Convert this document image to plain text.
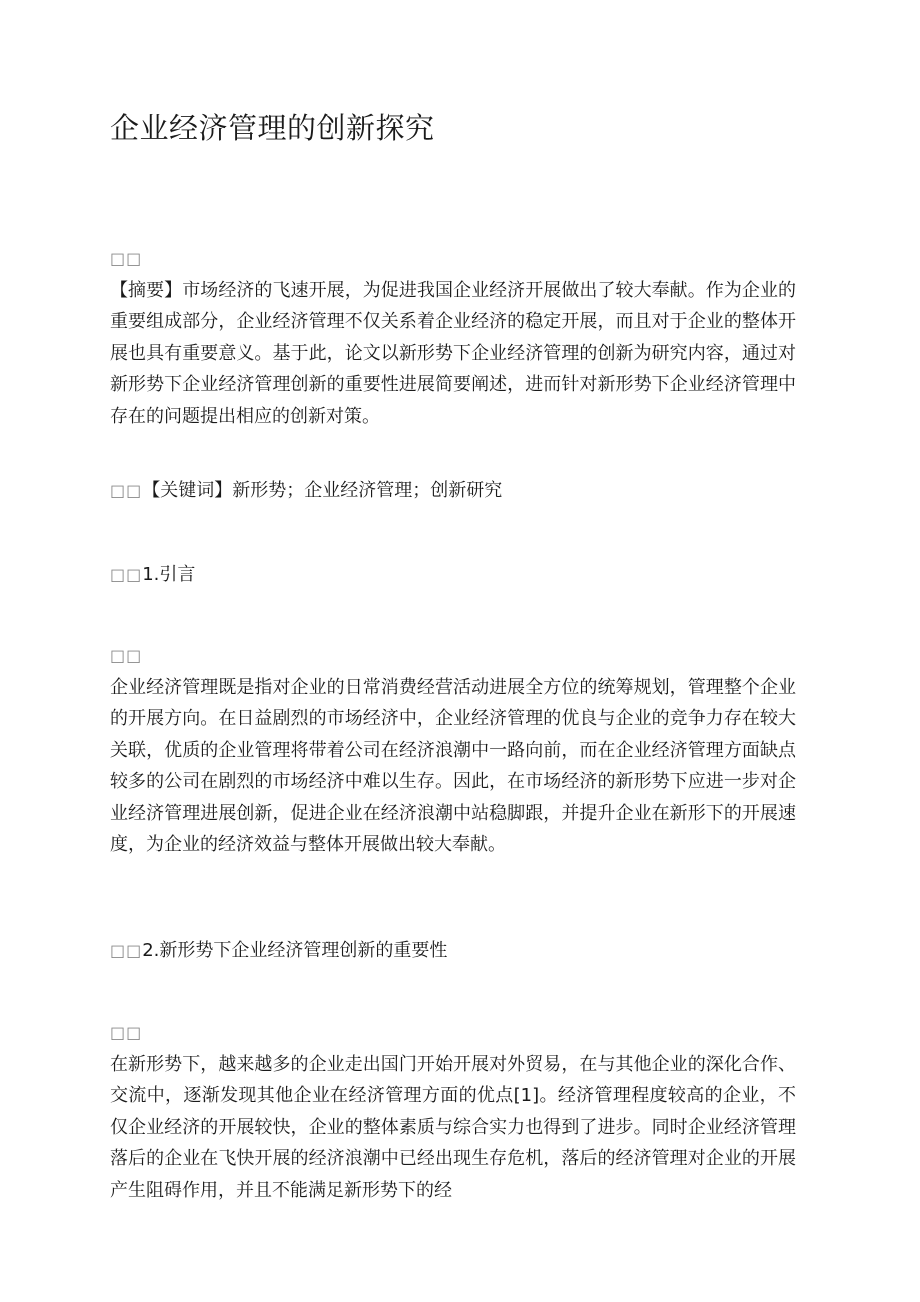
企业经济管理的创新探究
□□

【摘要】市场经济的飞速开展，为促进我国企业经济开展做出了较大奉献。作为企业的重要组成部分，企业经济管理不仅关系着企业经济的稳定开展，而且对于企业的整体开展也具有重要意义。基于此，论文以新形势下企业经济管理的创新为研究内容，通过对新形势下企业经济管理创新的重要性进展简要阐述，进而针对新形势下企业经济管理中存在的问题提出相应的创新对策。

□□【关键词】新形势；企业经济管理；创新研究
□□1.引言
□□

企业经济管理既是指对企业的日常消费经营活动进展全方位的统筹规划，管理整个企业的开展方向。在日益剧烈的市场经济中，企业经济管理的优良与企业的竞争力存在较大关联，优质的企业管理将带着公司在经济浪潮中一路向前，而在企业经济管理方面缺点较多的公司在剧烈的市场经济中难以生存。因此，在市场经济的新形势下应进一步对企业经济管理进展创新，促进企业在经济浪潮中站稳脚跟，并提升企业在新形下的开展速度，为企业的经济效益与整体开展做出较大奉献。

□□2.新形势下企业经济管理创新的重要性
□□

在新形势下，越来越多的企业走出国门开始开展对外贸易，在与其他企业的深化合作、交流中，逐渐发现其他企业在经济管理方面的优点[1]。经济管理程度较高的企业，不仅企业经济的开展较快，企业的整体素质与综合实力也得到了进步。同时企业经济管理落后的企业在飞快开展的经济浪潮中已经出现生存危机，落后的经济管理对企业的开展产生阻碍作用，并且不能满足新形势下的经
